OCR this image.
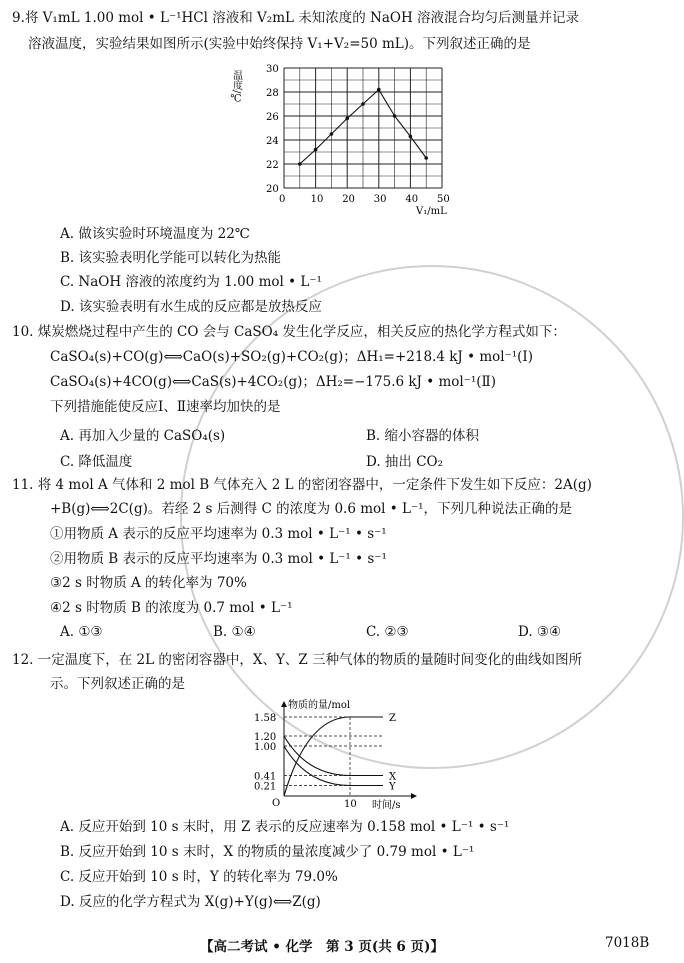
9.将 V₁mL 1.00 mol • L⁻¹HCl 溶液和 V₂mL 未知浓度的 NaOH 溶液混合均匀后测量并记录
溶液温度，实验结果如图所示(实验中始终保持 V₁+V₂=50 mL)。下列叙述正确的是
0	10 20 30 40 50
20
22
24
26
28
30
温度/℃
V₁/mL
A. 做该实验时环境温度为 22℃
B. 该实验表明化学能可以转化为热能
C. NaOH 溶液的浓度约为 1.00 mol • L⁻¹
D. 该实验表明有水生成的反应都是放热反应
10. 煤炭燃烧过程中产生的 CO 会与 CaSO₄ 发生化学反应，相关反应的热化学方程式如下：
CaSO₄(s)+CO(g)⟺CaO(s)+SO₂(g)+CO₂(g)；ΔH₁=+218.4 kJ • mol⁻¹(Ⅰ)
CaSO₄(s)+4CO(g)⟺CaS(s)+4CO₂(g)；ΔH₂=−175.6 kJ • mol⁻¹(Ⅱ)
下列措施能使反应Ⅰ、Ⅱ速率均加快的是
A. 再加入少量的 CaSO₄(s)	B. 缩小容器的体积
C. 降低温度	D. 抽出 CO₂
11. 将 4 mol A 气体和 2 mol B 气体充入 2 L 的密闭容器中，一定条件下发生如下反应：2A(g)
+B(g)⟺2C(g)。若经 2 s 后测得 C 的浓度为 0.6 mol • L⁻¹，下列几种说法正确的是
①用物质 A 表示的反应平均速率为 0.3 mol • L⁻¹ • s⁻¹
②用物质 B 表示的反应平均速率为 0.3 mol • L⁻¹ • s⁻¹
③2 s 时物质 A 的转化率为 70%
④2 s 时物质 B 的浓度为 0.7 mol • L⁻¹
A. ①③	B. ①④	C. ②③	D. ③④
12. 一定温度下，在 2L 的密闭容器中，X、Y、Z 三种气体的物质的量随时间变化的曲线如图所
示。下列叙述正确的是
1.58
1.20
1.00
0.41
0.21
Z
X
Y
物质的量/mol
时间/s
O	10
A. 反应开始到 10 s 末时，用 Z 表示的反应速率为 0.158 mol • L⁻¹ • s⁻¹
B. 反应开始到 10 s 末时，X 的物质的量浓度减少了 0.79 mol • L⁻¹
C. 反应开始到 10 s 时，Y 的转化率为 79.0%
D. 反应的化学方程式为 X(g)+Y(g)⟺Z(g)
【高二考试 • 化学　第 3 页(共 6 页)】	7018B
